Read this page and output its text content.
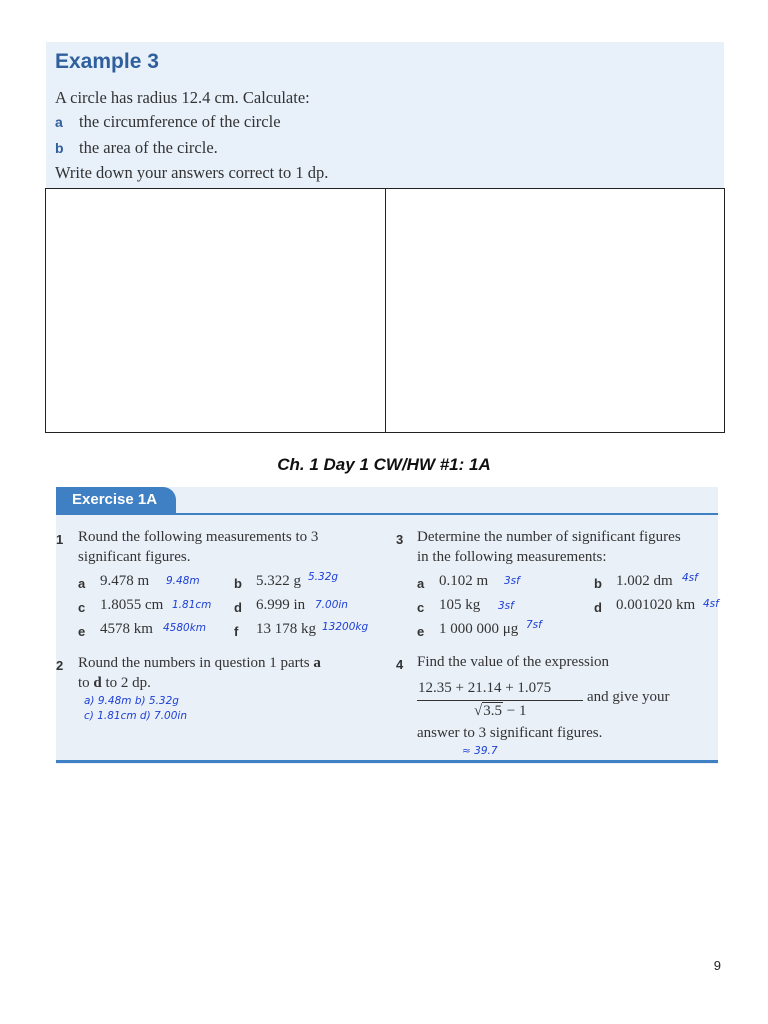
Example 3
A circle has radius 12.4 cm. Calculate:
a the circumference of the circle
b the area of the circle.
Write down your answers correct to 1 dp.
Ch. 1 Day 1 CW/HW #1: 1A
Exercise 1A
1 Round the following measurements to 3
significant figures.
a 9.478 m 9.48m	b 5.322 g 5.32g
c 1.8055 cm 1.81cm d 6.999 in 7.00in
e 4578 km 4580km f 13 178 kg 13200kg
2 Round the numbers in question 1 parts a
to d to 2 dp.
a) 9.48m b) 5.32g
c) 1.81cm d) 7.00in
3 Determine the number of significant figures
in the following measurements:
a 0.102 m 3sf	b 1.002 dm 4sf
c 105 kg 3sf	d 0.001020 km 4sf
e 1 000 000 μg 7sf
4 Find the value of the expression
12.35 + 21.14 + 1.075
√3.5 − 1
and give your
answer to 3 significant figures.
≈ 39.7
9
